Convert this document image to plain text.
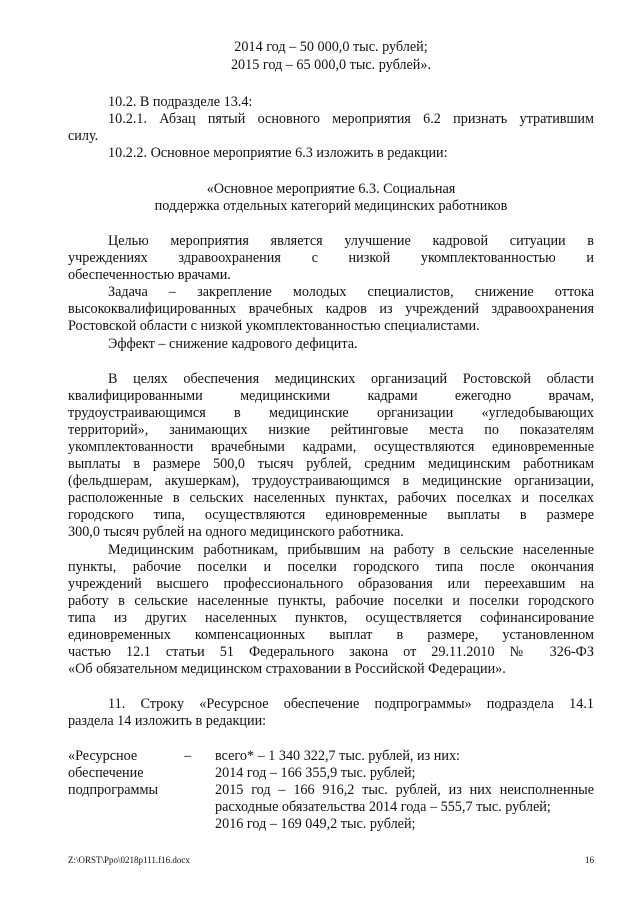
2014 год – 50 000,0 тыс. рублей;
2015 год – 65 000,0 тыс. рублей».
10.2. В подразделе 13.4:
10.2.1. Абзац пятый основного мероприятия 6.2 признать утратившим
силу.
10.2.2. Основное мероприятие 6.3 изложить в редакции:
«Основное мероприятие 6.3. Социальная
поддержка отдельных категорий медицинских работников
Целью мероприятия является улучшение кадровой ситуации в
учреждениях здравоохранения с низкой укомплектованностью и
обеспеченностью врачами.
Задача – закрепление молодых специалистов, снижение оттока
высококвалифицированных врачебных кадров из учреждений здравоохранения
Ростовской области с низкой укомплектованностью специалистами.
Эффект – снижение кадрового дефицита.
В целях обеспечения медицинских организаций Ростовской области
квалифицированными медицинскими кадрами ежегодно врачам,
трудоустраивающимся в медицинские организации «угледобывающих
территорий», занимающих низкие рейтинговые места по показателям
укомплектованности врачебными кадрами, осуществляются единовременные
выплаты в размере 500,0 тысяч рублей, средним медицинским работникам
(фельдшерам, акушеркам), трудоустраивающимся в медицинские организации,
расположенные в сельских населенных пунктах, рабочих поселках и поселках
городского типа, осуществляются единовременные выплаты в размере
300,0 тысяч рублей на одного медицинского работника.
Медицинским работникам, прибывшим на работу в сельские населенные
пункты, рабочие поселки и поселки городского типа после окончания
учреждений высшего профессионального образования или переехавшим на
работу в сельские населенные пункты, рабочие поселки и поселки городского
типа из других населенных пунктов, осуществляется софинансирование
единовременных компенсационных выплат в размере, установленном
частью 12.1 статьи 51 Федерального закона от 29.11.2010 № 326-ФЗ
«Об обязательном медицинском страховании в Российской Федерации».
11. Строку «Ресурсное обеспечение подпрограммы» подраздела 14.1
раздела 14 изложить в редакции:
«Ресурсное
обеспечение
подпрограммы
– всего* – 1 340 322,7 тыс. рублей, из них:
2014 год – 166 355,9 тыс. рублей;
2015 год – 166 916,2 тыс. рублей, из них неисполненные
расходные обязательства 2014 года – 555,7 тыс. рублей;
2016 год – 169 049,2 тыс. рублей;
Z:\ORST\Ppo\0218p111.f16.docx	16
